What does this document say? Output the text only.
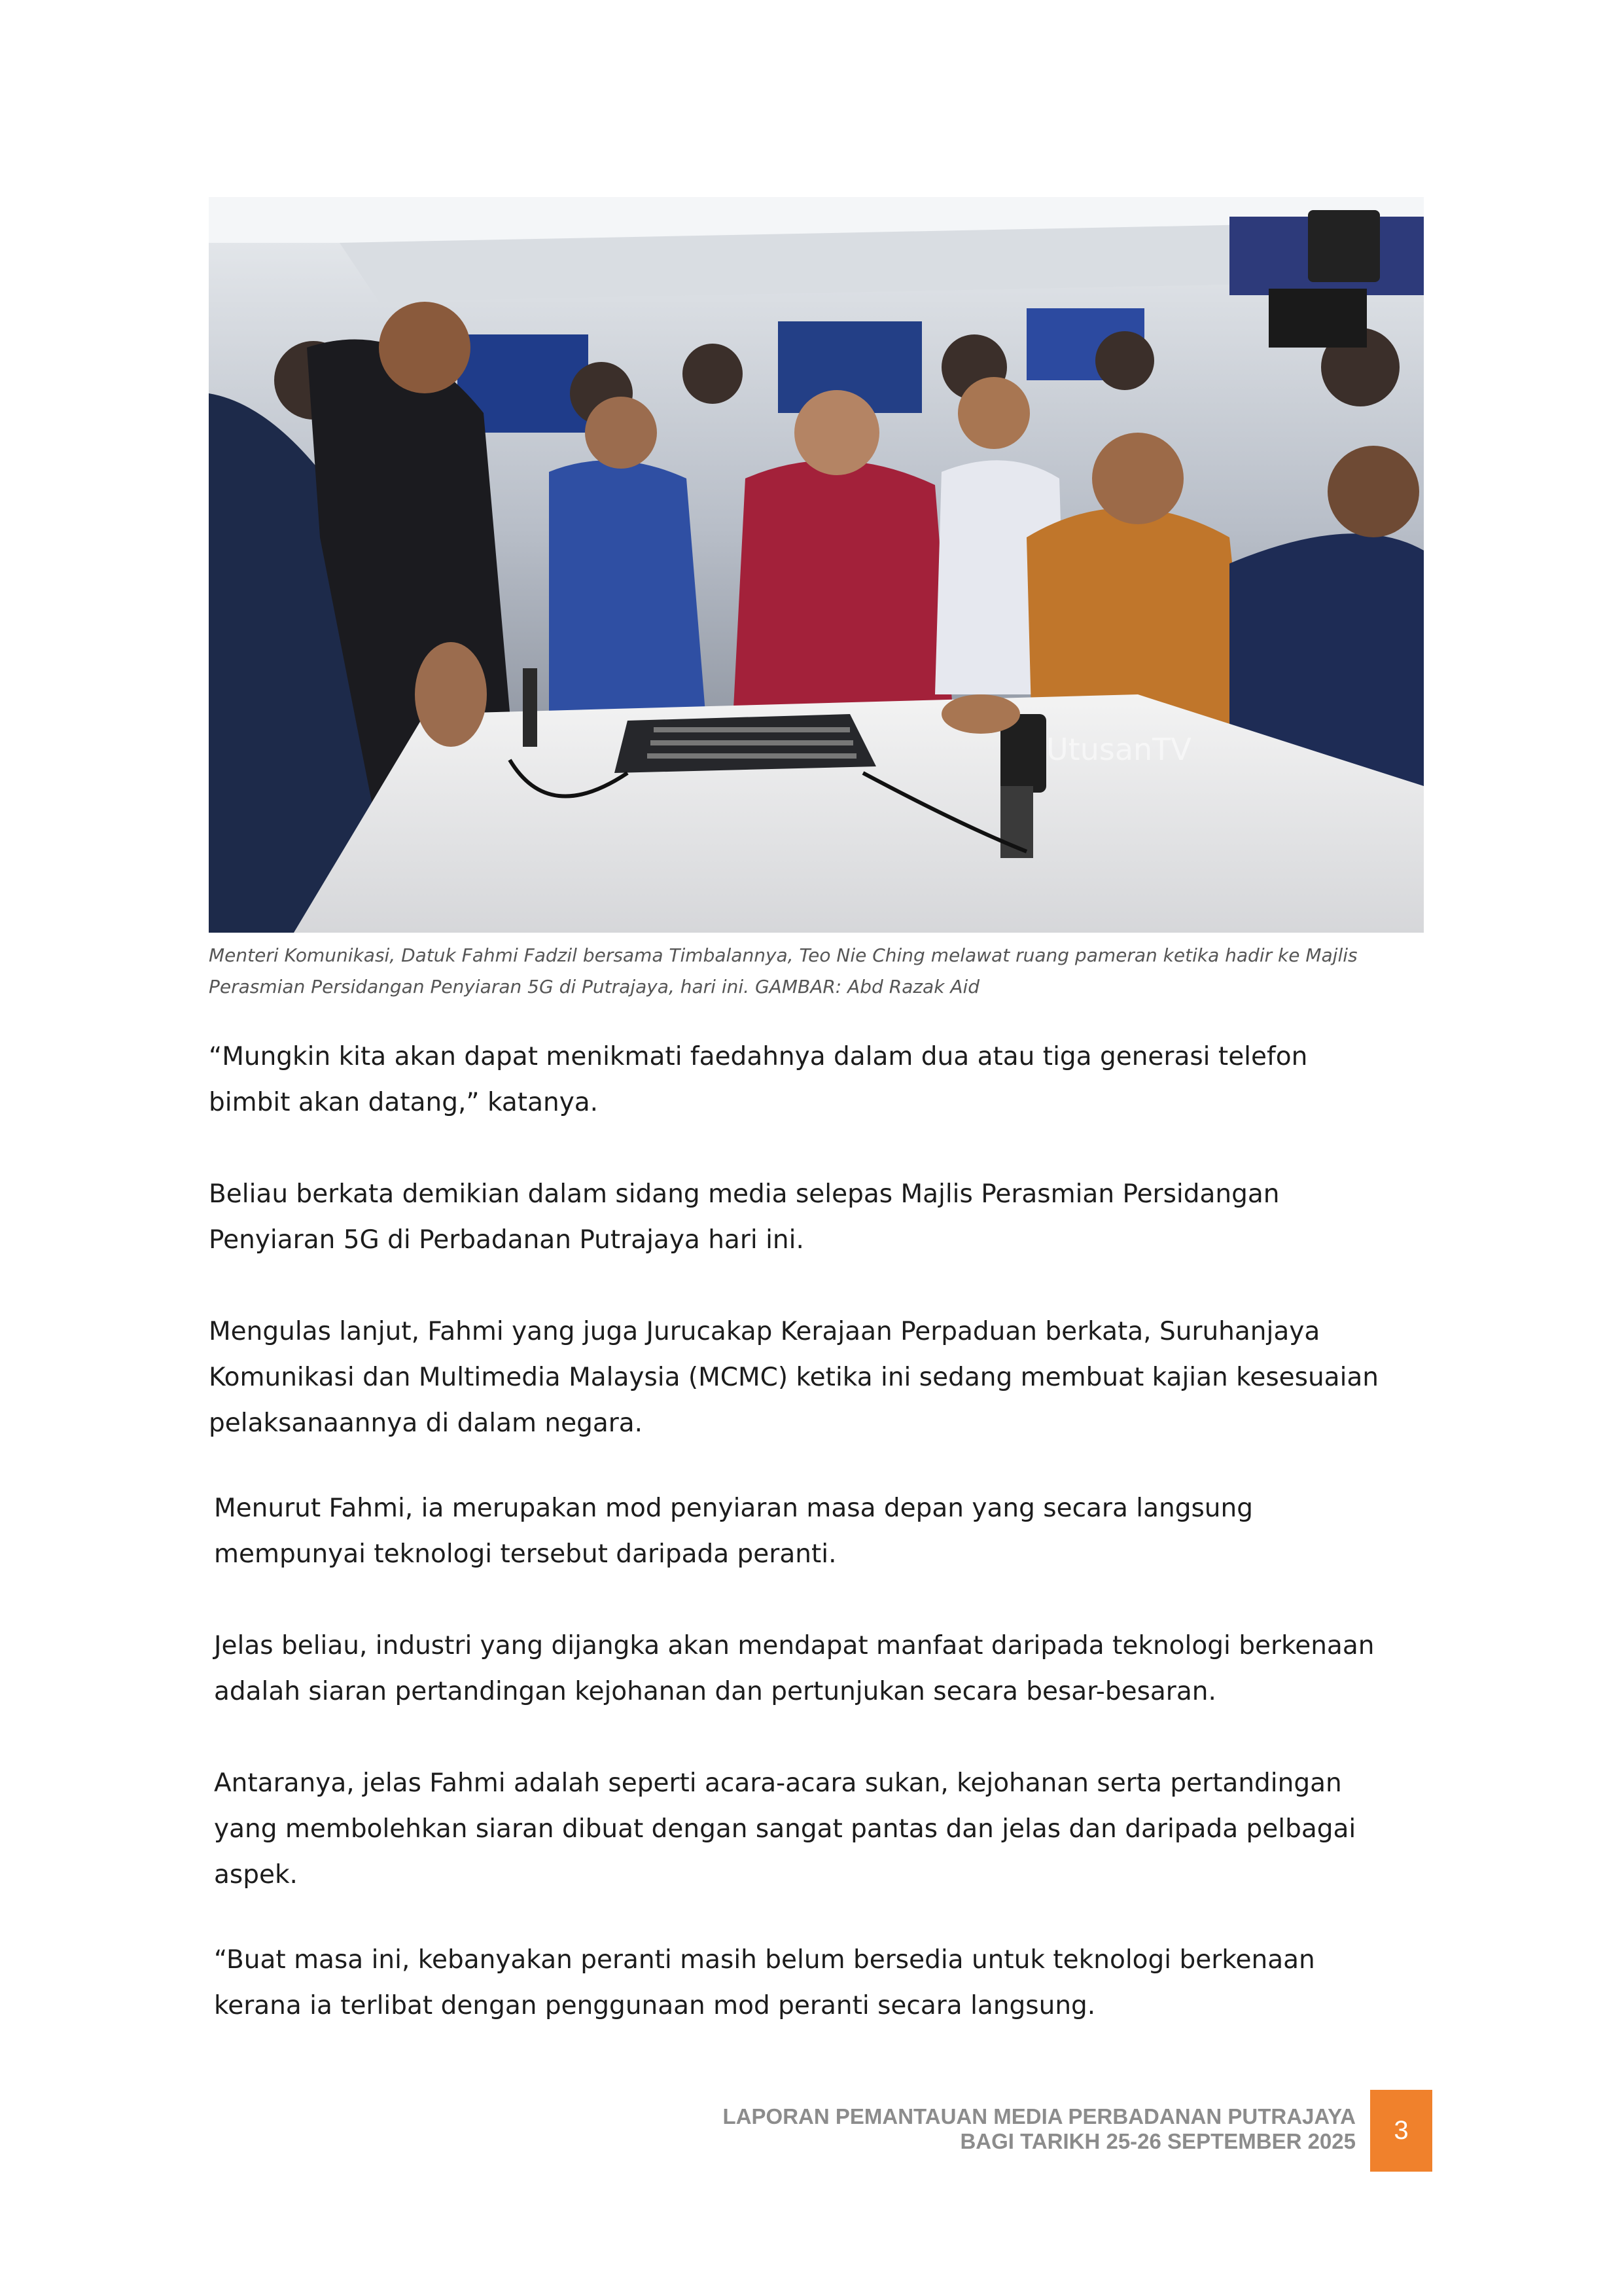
UtusanTV

Menteri Komunikasi, Datuk Fahmi Fadzil bersama Timbalannya, Teo Nie Ching melawat ruang pameran ketika hadir ke Majlis
Perasmian Persidangan Penyiaran 5G di Putrajaya, hari ini. GAMBAR: Abd Razak Aid

“Mungkin kita akan dapat menikmati faedahnya dalam dua atau tiga generasi telefon
bimbit akan datang,” katanya.
Beliau berkata demikian dalam sidang media selepas Majlis Perasmian Persidangan
Penyiaran 5G di Perbadanan Putrajaya hari ini.
Mengulas lanjut, Fahmi yang juga Jurucakap Kerajaan Perpaduan berkata, Suruhanjaya
Komunikasi dan Multimedia Malaysia (MCMC) ketika ini sedang membuat kajian kesesuaian
pelaksanaannya di dalam negara.
Menurut Fahmi, ia merupakan mod penyiaran masa depan yang secara langsung
mempunyai teknologi tersebut daripada peranti.
Jelas beliau, industri yang dijangka akan mendapat manfaat daripada teknologi berkenaan
adalah siaran pertandingan kejohanan dan pertunjukan secara besar-besaran.
Antaranya, jelas Fahmi adalah seperti acara-acara sukan, kejohanan serta pertandingan
yang membolehkan siaran dibuat dengan sangat pantas dan jelas dan daripada pelbagai
aspek.
“Buat masa ini, kebanyakan peranti masih belum bersedia untuk teknologi berkenaan
kerana ia terlibat dengan penggunaan mod peranti secara langsung.
LAPORAN PEMANTAUAN MEDIA PERBADANAN PUTRAJAYA
BAGI TARIKH 25-26 SEPTEMBER 2025 3
